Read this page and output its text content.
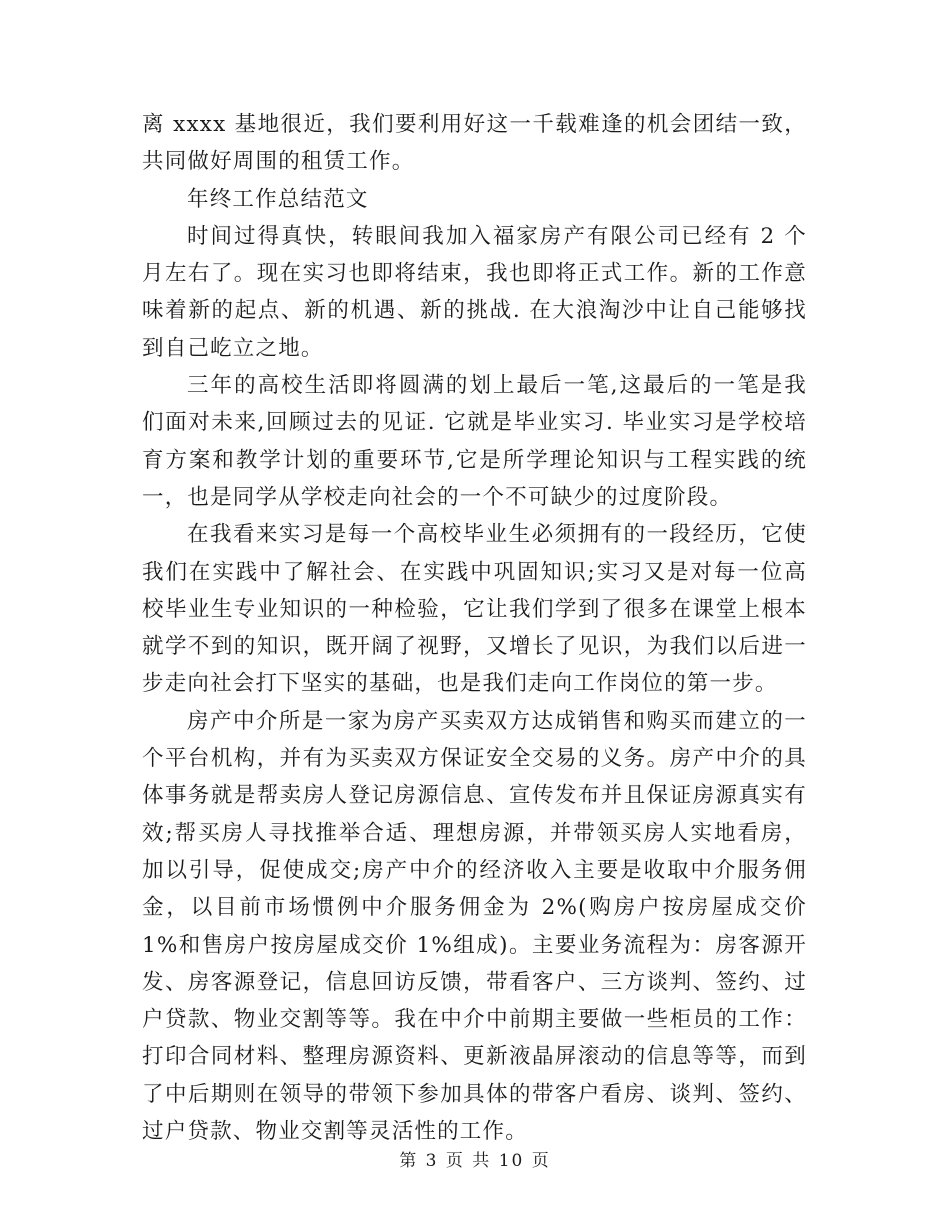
离 xxxx 基地很近，我们要利用好这一千载难逢的机会团结一致，共同做好周围的租赁工作。

年终工作总结范文

时间过得真快，转眼间我加入福家房产有限公司已经有 2 个月左右了。现在实习也即将结束，我也即将正式工作。新的工作意味着新的起点、新的机遇、新的挑战. 在大浪淘沙中让自己能够找到自己屹立之地。

三年的高校生活即将圆满的划上最后一笔,这最后的一笔是我们面对未来,回顾过去的见证. 它就是毕业实习. 毕业实习是学校培育方案和教学计划的重要环节,它是所学理论知识与工程实践的统一，也是同学从学校走向社会的一个不可缺少的过度阶段。

在我看来实习是每一个高校毕业生必须拥有的一段经历，它使我们在实践中了解社会、在实践中巩固知识;实习又是对每一位高校毕业生专业知识的一种检验，它让我们学到了很多在课堂上根本就学不到的知识，既开阔了视野，又增长了见识，为我们以后进一步走向社会打下坚实的基础，也是我们走向工作岗位的第一步。

房产中介所是一家为房产买卖双方达成销售和购买而建立的一个平台机构，并有为买卖双方保证安全交易的义务。房产中介的具体事务就是帮卖房人登记房源信息、宣传发布并且保证房源真实有效;帮买房人寻找推举合适、理想房源，并带领买房人实地看房，加以引导，促使成交;房产中介的经济收入主要是收取中介服务佣金，以目前市场惯例中介服务佣金为 2%(购房户按房屋成交价 1%和售房户按房屋成交价 1%组成)。主要业务流程为：房客源开发、房客源登记，信息回访反馈，带看客户、三方谈判、签约、过户贷款、物业交割等等。我在中介中前期主要做一些柜员的工作：打印合同材料、整理房源资料、更新液晶屏滚动的信息等等，而到了中后期则在领导的带领下参加具体的带客户看房、谈判、签约、过户贷款、物业交割等灵活性的工作。

第 3 页 共 10 页
